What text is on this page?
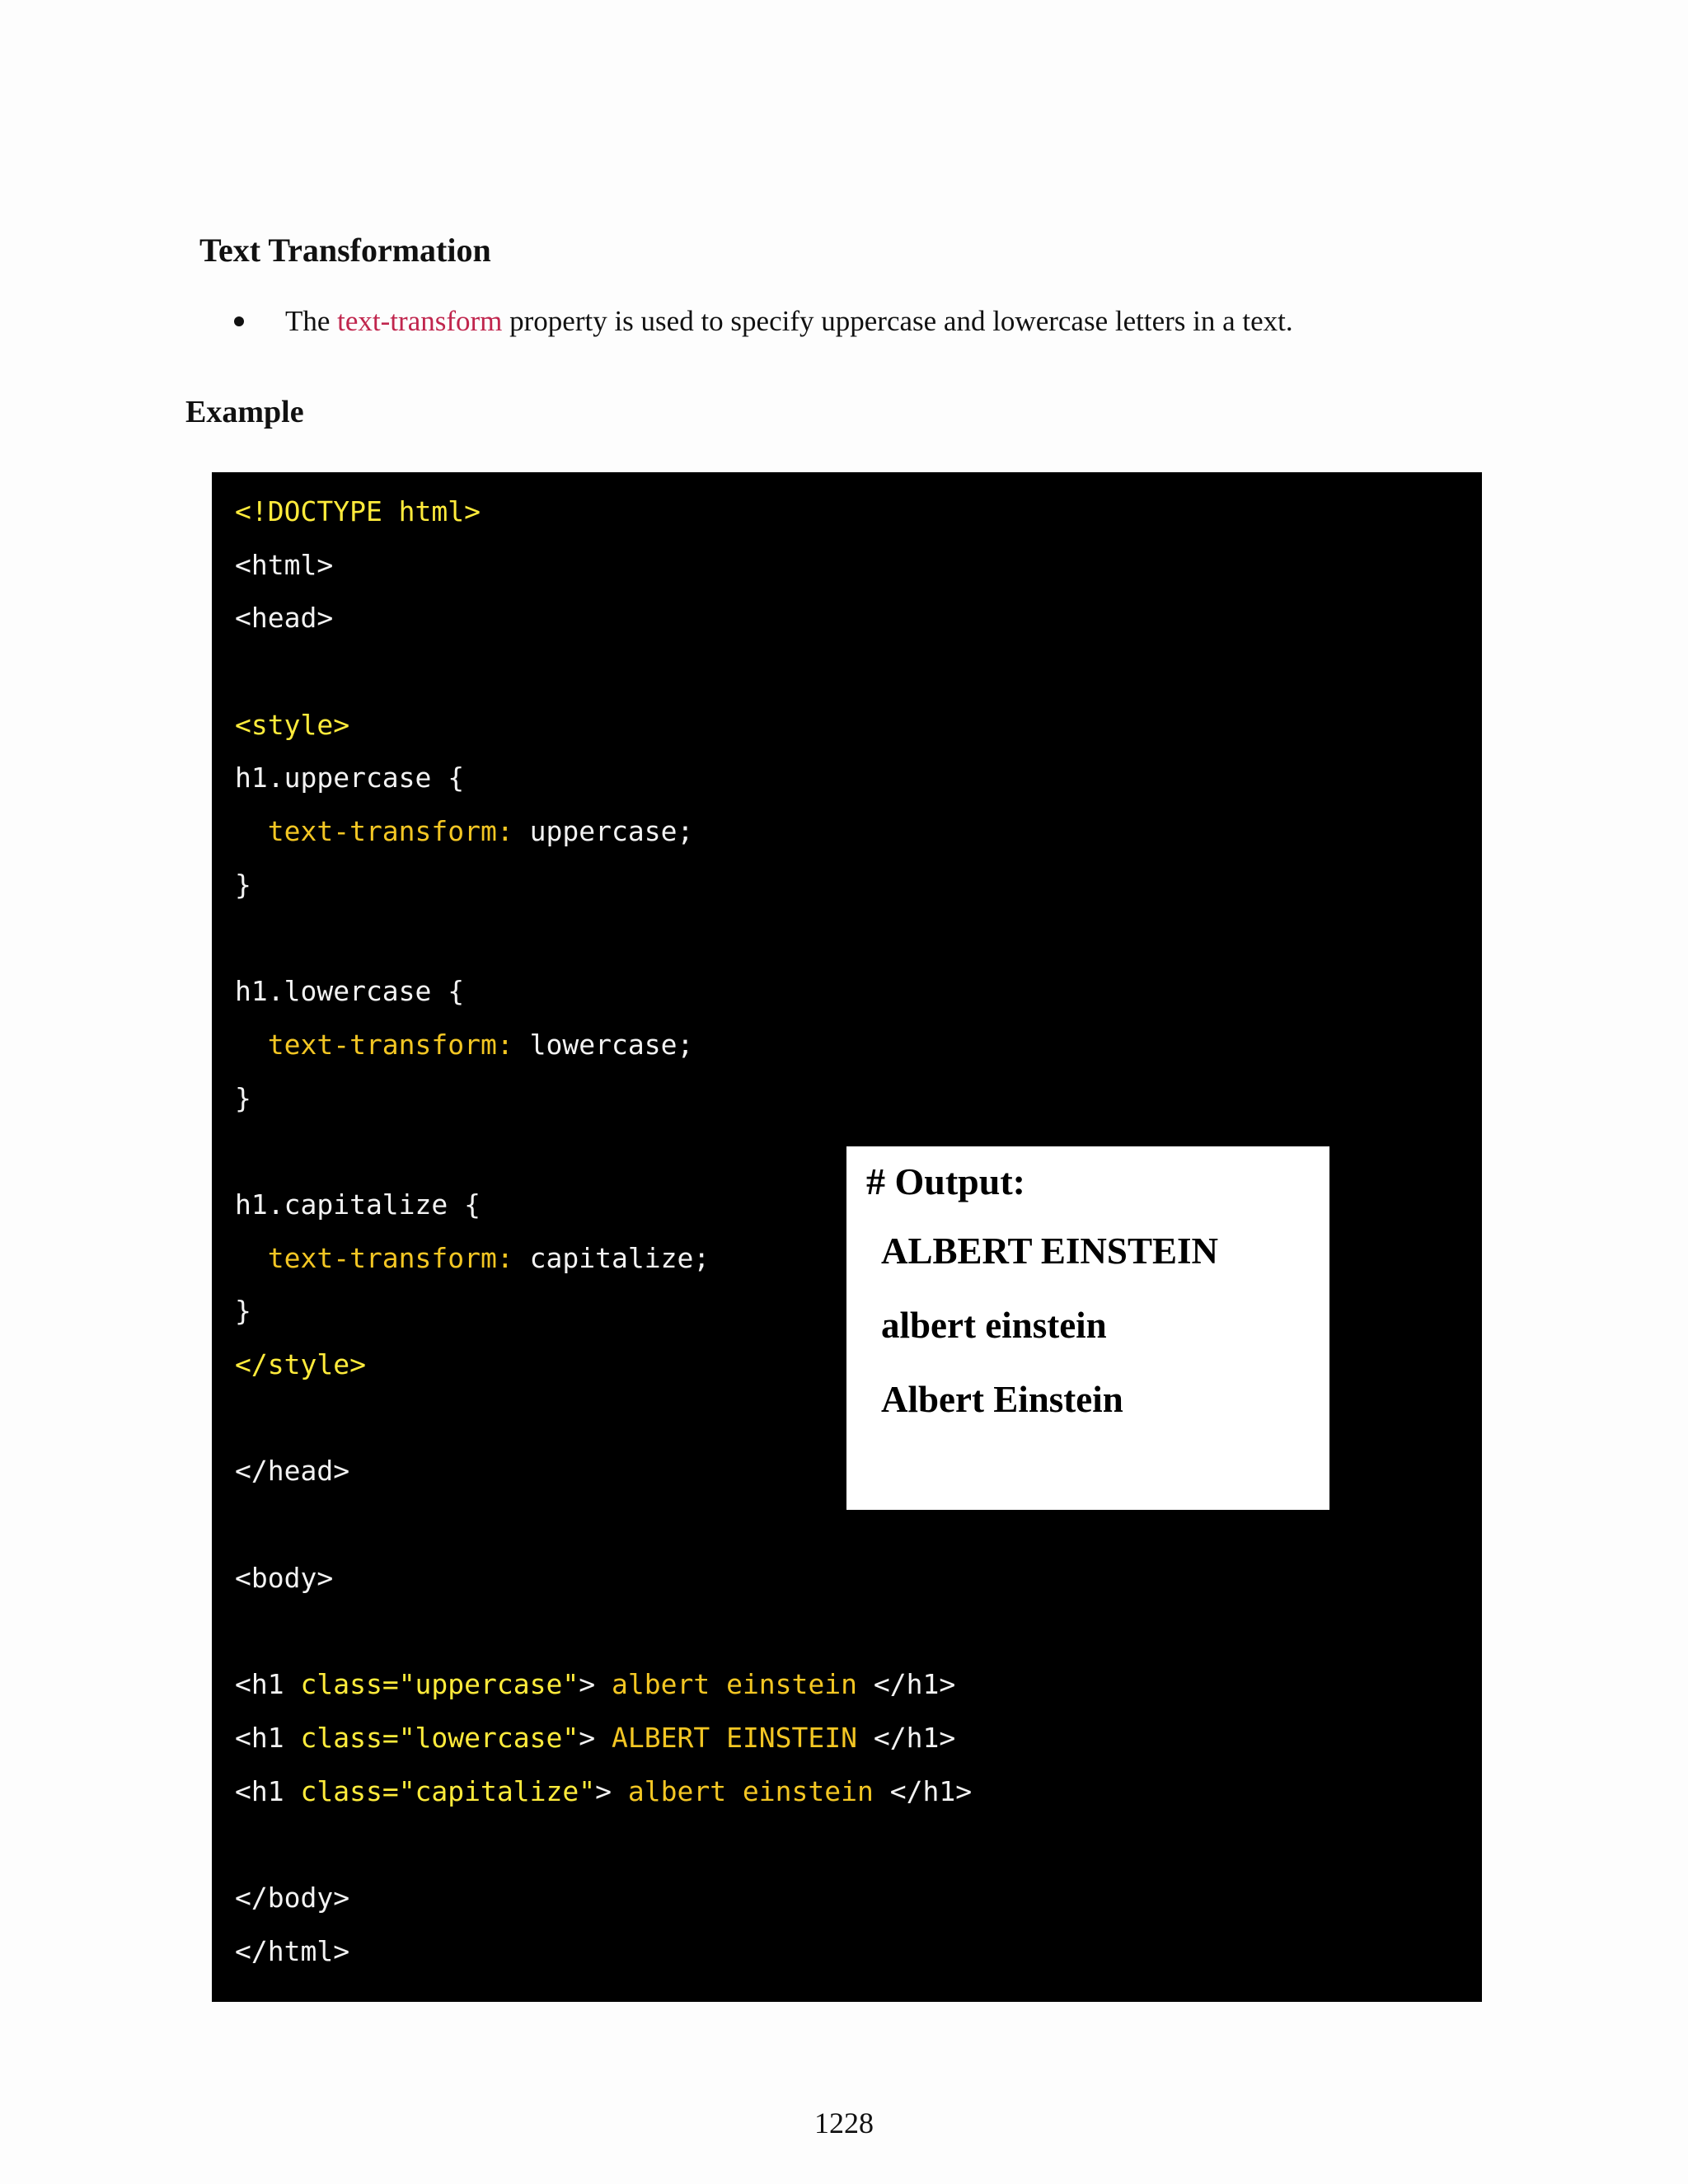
Text Transformation
The text-transform property is used to specify uppercase and lowercase letters in a text.
Example
<!DOCTYPE html>
<html>
<head>
<style>
h1.uppercase {
text-transform: uppercase;
}
h1.lowercase {
text-transform: lowercase;
}
h1.capitalize {
text-transform: capitalize;
}
</style>
</head>
<body>
<h1 class="uppercase"> albert einstein </h1>
<h1 class="lowercase"> ALBERT EINSTEIN </h1>
<h1 class="capitalize"> albert einstein </h1>
</body>
</html>
# Output:
ALBERT EINSTEIN
albert einstein
Albert Einstein
1228
